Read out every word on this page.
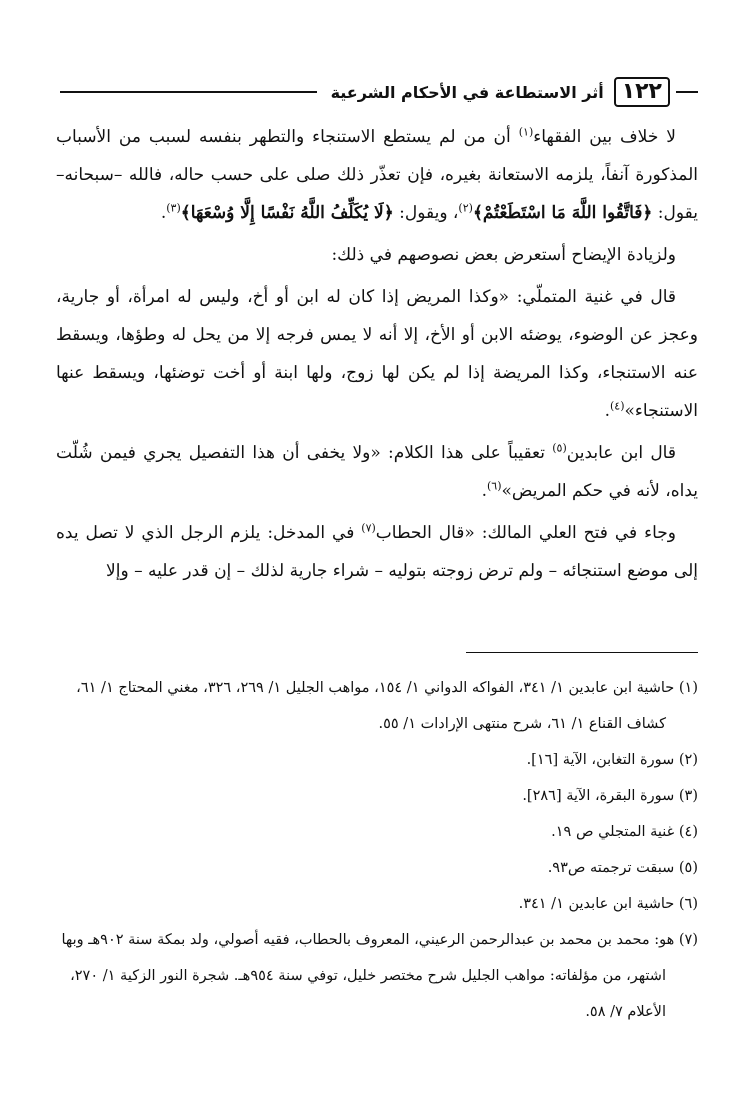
١٢٢
أثر الاستطاعة في الأحكام الشرعية

لا خلاف بين الفقهاء$^{(١)}$ أن من لم يستطع الاستنجاء والتطهر بنفسه لسبب من الأسباب المذكورة آنفاً، يلزمه الاستعانة بغيره، فإن تعذّر ذلك صلى على حسب حاله، فالله –سبحانه– يقول: ﴿فَاتَّقُوا اللَّهَ مَا اسْتَطَعْتُمْ﴾$^{(٢)}$، ويقول: ﴿لَا يُكَلِّفُ اللَّهُ نَفْسًا إِلَّا وُسْعَهَا﴾$^{(٣)}$.

ولزيادة الإيضاح أستعرض بعض نصوصهم في ذلك:

قال في غنية المتملّي: «وكذا المريض إذا كان له ابن أو أخ، وليس له امرأة، أو جارية، وعجز عن الوضوء، يوضئه الابن أو الأخ، إلا أنه لا يمس فرجه إلا من يحل له وطؤها، ويسقط عنه الاستنجاء، وكذا المريضة إذا لم يكن لها زوج، ولها ابنة أو أخت توضئها، ويسقط عنها الاستنجاء»$^{(٤)}$.

قال ابن عابدين$^{(٥)}$ تعقيباً على هذا الكلام: «ولا يخفى أن هذا التفصيل يجري فيمن شُلّت يداه، لأنه في حكم المريض»$^{(٦)}$.

وجاء في فتح العلي المالك: «قال الحطاب$^{(٧)}$ في المدخل: يلزم الرجل الذي لا تصل يده إلى موضع استنجائه – ولم ترض زوجته بتوليه – شراء جارية لذلك – إن قدر عليه – وإلا

(١) حاشية ابن عابدين ١/ ٣٤١، الفواكه الدواني ١/ ١٥٤، مواهب الجليل ١/ ٢٦٩، ٣٢٦، مغني المحتاج ١/ ٦١، كشاف القناع ١/ ٦١، شرح منتهى الإرادات ١/ ٥٥.

(٢) سورة التغابن، الآية [١٦].

(٣) سورة البقرة، الآية [٢٨٦].

(٤) غنية المتجلي ص ١٩.

(٥) سبقت ترجمته ص٩٣.

(٦) حاشية ابن عابدين ١/ ٣٤١.

(٧) هو: محمد بن محمد بن عبدالرحمن الرعيني، المعروف بالحطاب، فقيه أصولي، ولد بمكة سنة ٩٠٢هـ وبها اشتهر، من مؤلفاته: مواهب الجليل شرح مختصر خليل، توفي سنة ٩٥٤هـ. شجرة النور الزكية ١/ ٢٧٠، الأعلام ٧/ ٥٨.
